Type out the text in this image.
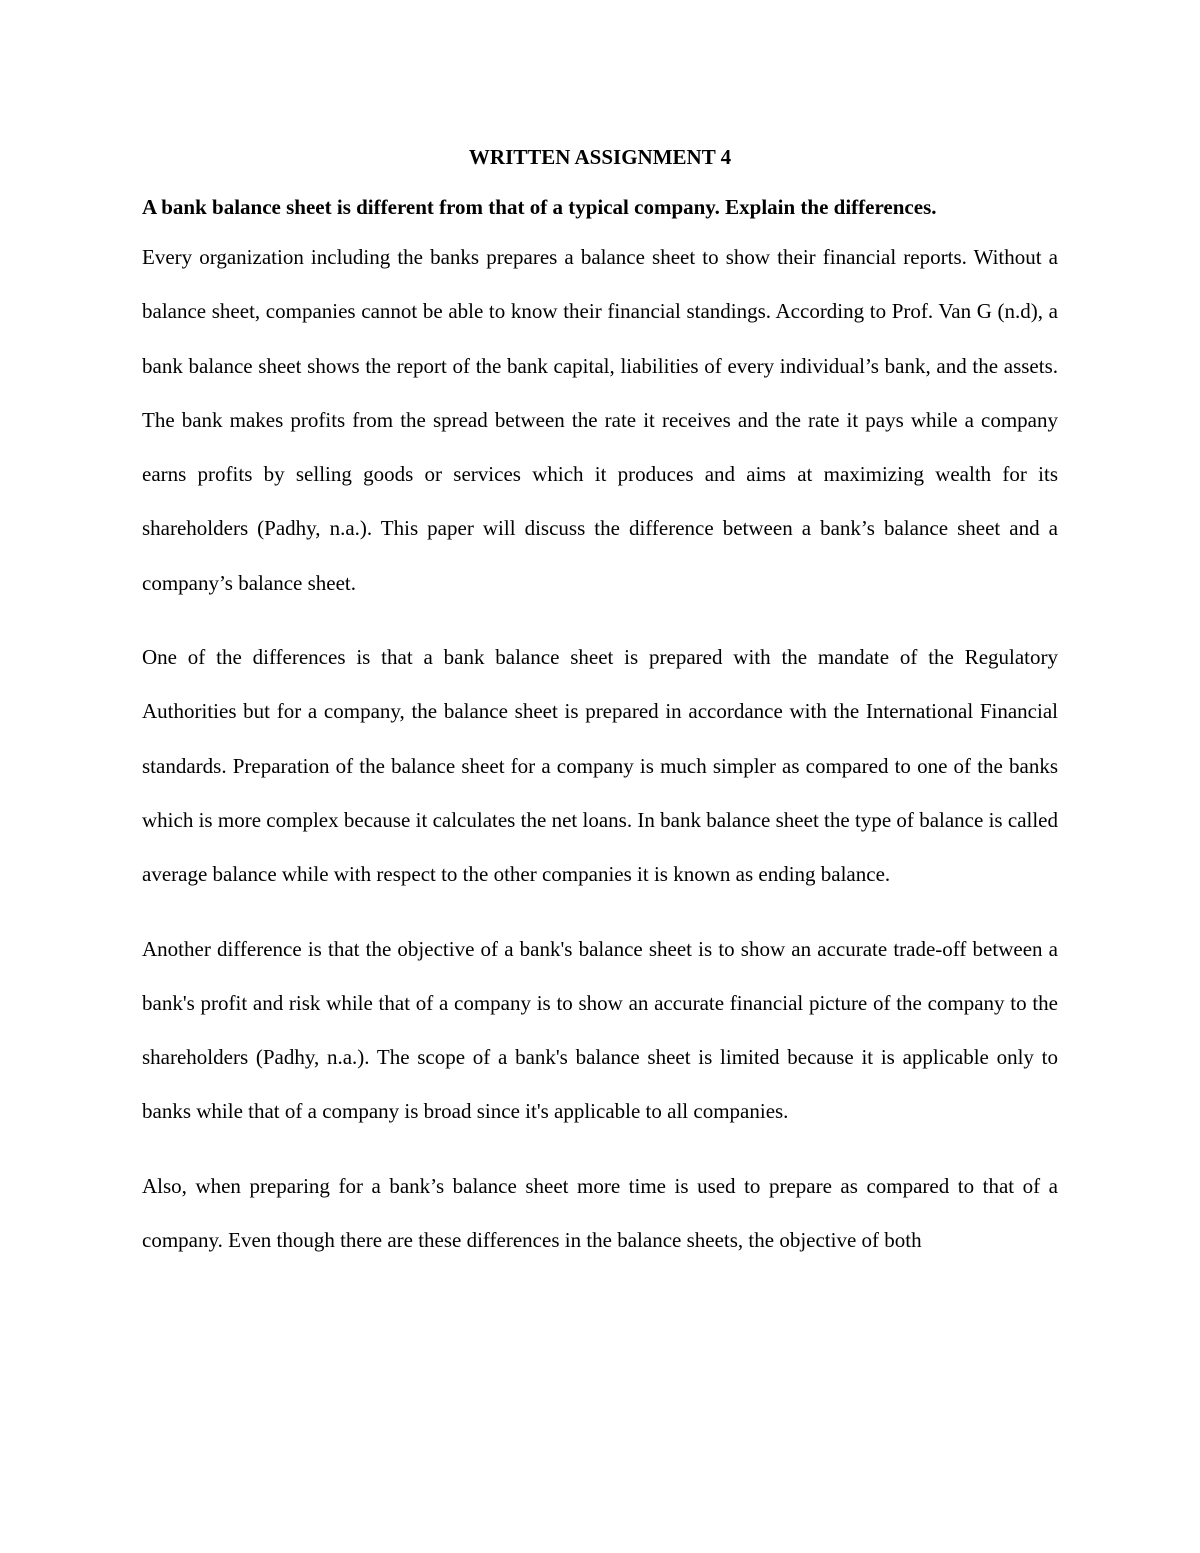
WRITTEN ASSIGNMENT 4
A bank balance sheet is different from that of a typical company. Explain the differences.

Every organization including the banks prepares a balance sheet to show their financial reports. Without a balance sheet, companies cannot be able to know their financial standings. According to Prof. Van G (n.d), a bank balance sheet shows the report of the bank capital, liabilities of every individual’s bank, and the assets. The bank makes profits from the spread between the rate it receives and the rate it pays while a company earns profits by selling goods or services which it produces and aims at maximizing wealth for its shareholders (Padhy, n.a.). This paper will discuss the difference between a bank’s balance sheet and a company’s balance sheet.

One of the differences is that a bank balance sheet is prepared with the mandate of the Regulatory Authorities but for a company, the balance sheet is prepared in accordance with the International Financial standards. Preparation of the balance sheet for a company is much simpler as compared to one of the banks which is more complex because it calculates the net loans. In bank balance sheet the type of balance is called average balance while with respect to the other companies it is known as ending balance.

Another difference is that the objective of a bank's balance sheet is to show an accurate trade-off between a bank's profit and risk while that of a company is to show an accurate financial picture of the company to the shareholders (Padhy, n.a.). The scope of a bank's balance sheet is limited because it is applicable only to banks while that of a company is broad since it's applicable to all companies.

Also, when preparing for a bank’s balance sheet more time is used to prepare as compared to that of a company. Even though there are these differences in the balance sheets, the objective of both
